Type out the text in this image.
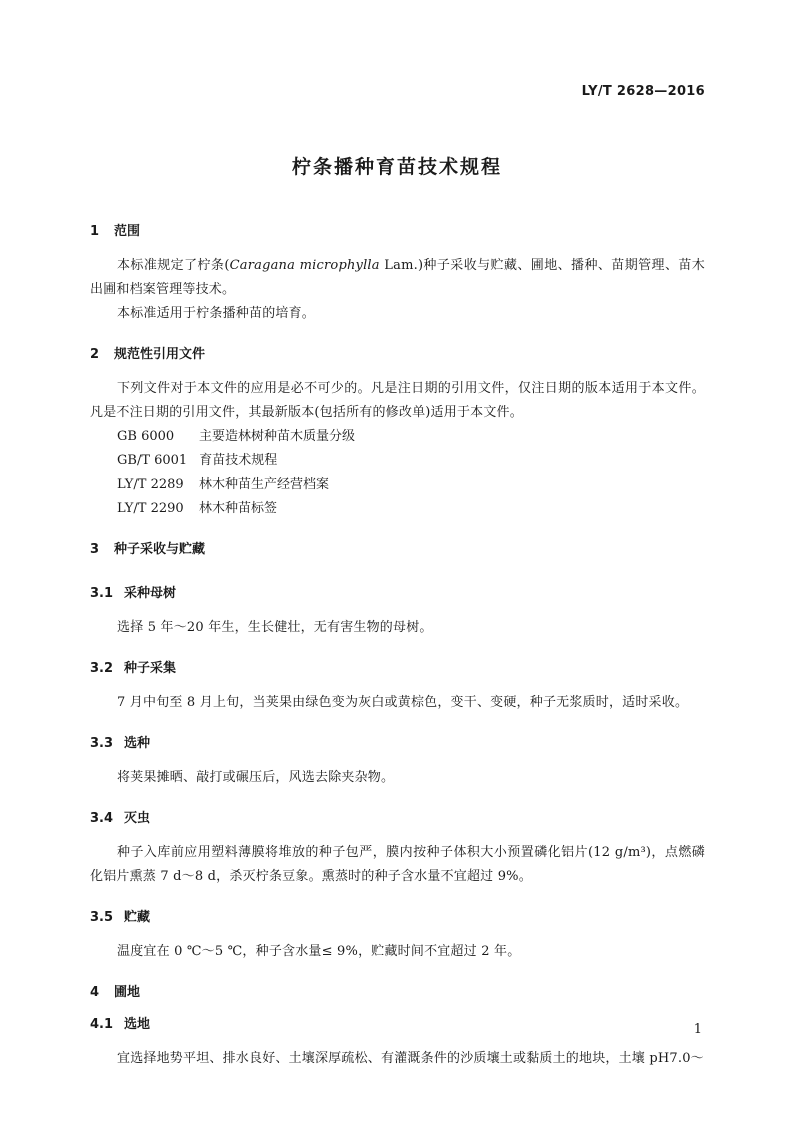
LY/T 2628—2016
柠条播种育苗技术规程
1 范围

本标准规定了柠条(Caragana microphylla Lam.)种子采收与贮藏、圃地、播种、苗期管理、苗木出圃和档案管理等技术。

本标准适用于柠条播种苗的培育。

2 规范性引用文件

下列文件对于本文件的应用是必不可少的。凡是注日期的引用文件，仅注日期的版本适用于本文件。凡是不注日期的引用文件，其最新版本(包括所有的修改单)适用于本文件。

GB 6000 主要造林树种苗木质量分级
GB/T 6001 育苗技术规程
LY/T 2289 林木种苗生产经营档案
LY/T 2290 林木种苗标签
3 种子采收与贮藏
3.1 采种母树

选择 5 年～20 年生，生长健壮，无有害生物的母树。

3.2 种子采集

7 月中旬至 8 月上旬，当荚果由绿色变为灰白或黄棕色，变干、变硬，种子无浆质时，适时采收。

3.3 选种

将荚果摊晒、敲打或碾压后，风选去除夹杂物。

3.4 灭虫

种子入库前应用塑料薄膜将堆放的种子包严，膜内按种子体积大小预置磷化铝片(12 g/m³)，点燃磷化铝片熏蒸 7 d～8 d，杀灭柠条豆象。熏蒸时的种子含水量不宜超过 9%。

3.5 贮藏

温度宜在 0 ℃～5 ℃，种子含水量≤ 9%，贮藏时间不宜超过 2 年。

4 圃地
4.1 选地

宜选择地势平坦、排水良好、土壤深厚疏松、有灌溉条件的沙质壤土或黏质土的地块，土壤 pH7.0～

1
